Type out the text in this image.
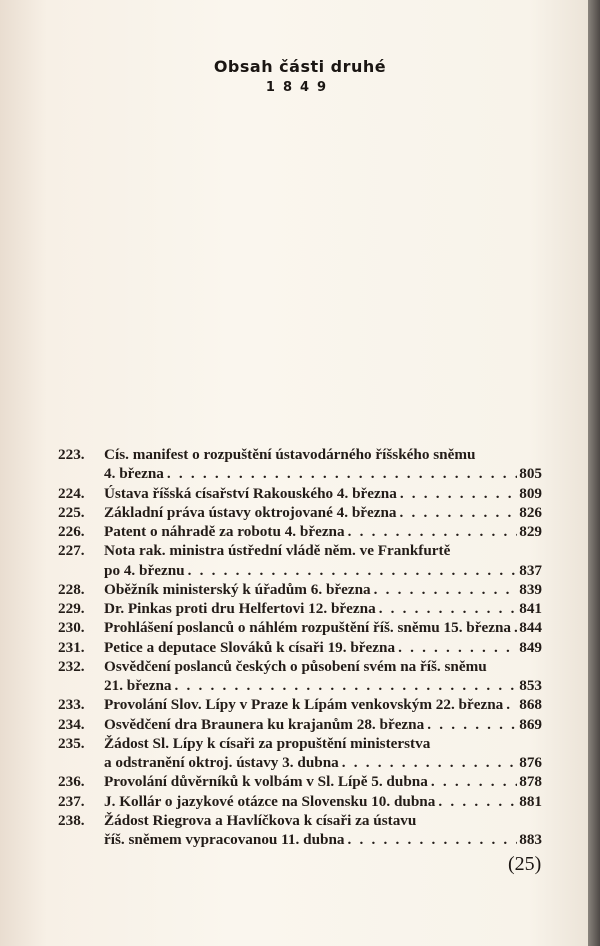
Obsah části druhé
1849
223.	Cís. manifest o rozpuštění ústavodárného říšského sněmu
4. března . . .	805
224.	Ústava říšská císařství Rakouského 4. března . . .	809
225.	Základní práva ústavy oktrojované 4. března . . .	826
226.	Patent o náhradě za robotu 4. března . . .	829
227.	Nota rak. ministra ústřední vládě něm. ve Frankfurtě
po 4. březnu . . .	837
228.	Oběžník ministerský k úřadům 6. března . . .	839
229.	Dr. Pinkas proti dru Helfertovi 12. března . . .	841
230.	Prohlášení poslanců o náhlém rozpuštění říš. sněmu 15. března . . . 844
231.	Petice a deputace Slováků k císaři 19. března . . .	849
232.	Osvědčení poslanců českých o působení svém na říš. sněmu
21. března . . .	853
233.	Provolání Slov. Lípy v Praze k Lípám venkovským 22. března . . . 868
234.	Osvědčení dra Braunera ku krajanům 28. března . . .	869
235.	Žádost Sl. Lípy k císaři za propuštění ministerstva
a odstranění oktroj. ústavy 3. dubna . . .	876
236.	Provolání důvěrníků k volbám v Sl. Lípě 5. dubna . . .	878
237.	J. Kollár o jazykové otázce na Slovensku 10. dubna . . .	881
238.	Žádost Riegrova a Havlíčkova k císaři za ústavu
říš. sněmem vypracovanou 11. dubna . . .	883
(25)
